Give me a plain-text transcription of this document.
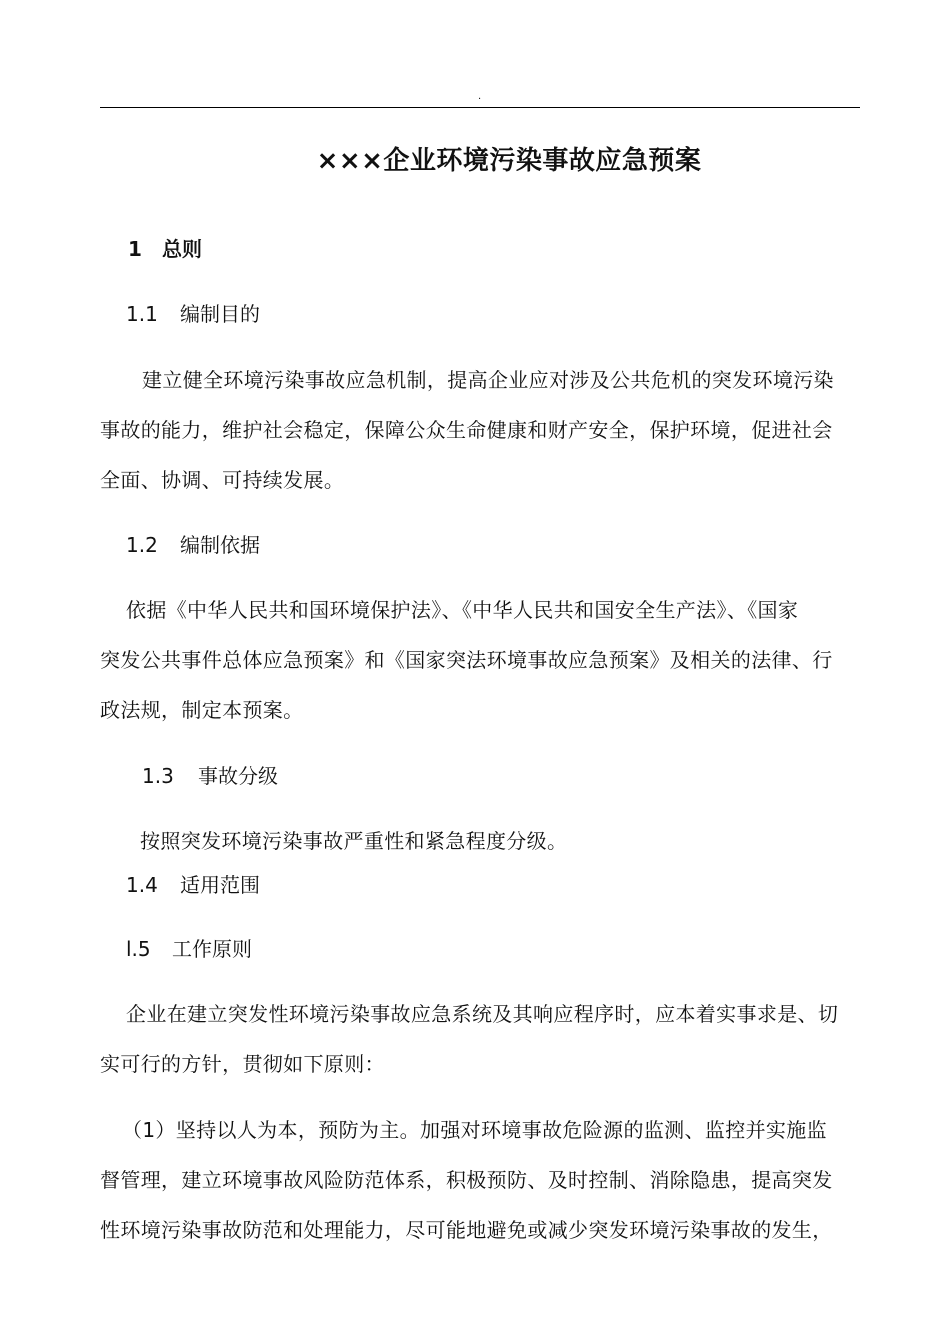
.
×××企业环境污染事故应急预案
1 总则
1.1 编制目的
建立健全环境污染事故应急机制，提高企业应对涉及公共危机的突发环境污染
事故的能力，维护社会稳定，保障公众生命健康和财产安全，保护环境，促进社会
全面、协调、可持续发展。
1.2 编制依据
依据《中华人民共和国环境保护法》、《中华人民共和国安全生产法》、《国家
突发公共事件总体应急预案》和《国家突法环境事故应急预案》及相关的法律、行
政法规，制定本预案。
1.3 事故分级
按照突发环境污染事故严重性和紧急程度分级。
1.4 适用范围
l.5 工作原则
企业在建立突发性环境污染事故应急系统及其响应程序时，应本着实事求是、切
实可行的方针，贯彻如下原则：
（1）坚持以人为本，预防为主。加强对环境事故危险源的监测、监控并实施监
督管理，建立环境事故风险防范体系，积极预防、及时控制、消除隐患，提高突发
性环境污染事故防范和处理能力，尽可能地避免或减少突发环境污染事故的发生，
